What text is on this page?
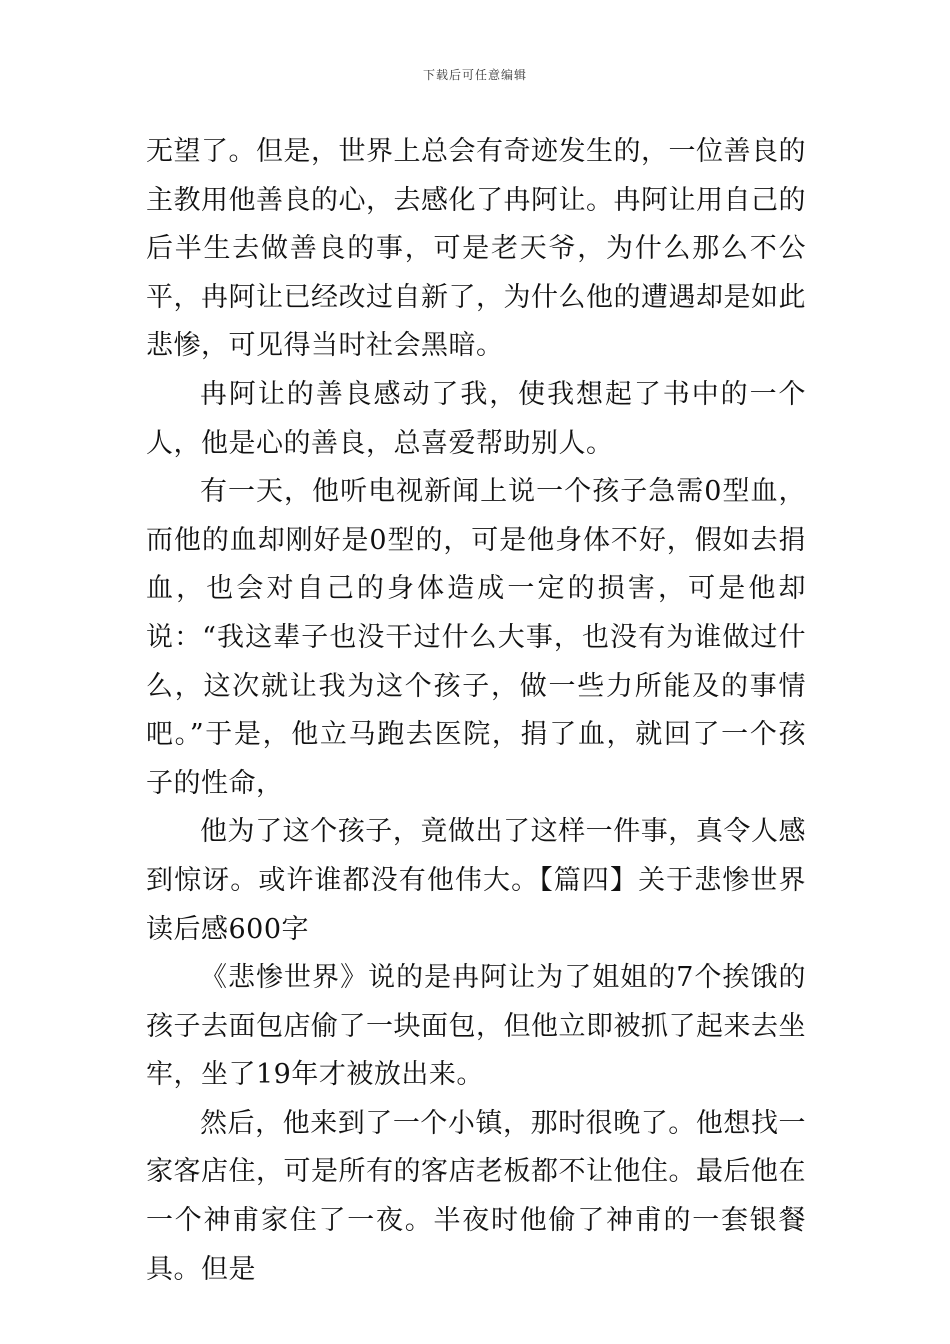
下载后可任意编辑

无望了。但是，世界上总会有奇迹发生的，一位善良的主教用他善良的心，去感化了冉阿让。冉阿让用自己的后半生去做善良的事，可是老天爷，为什么那么不公平，冉阿让已经改过自新了，为什么他的遭遇却是如此悲惨，可见得当时社会黑暗。

冉阿让的善良感动了我，使我想起了书中的一个人，他是心的善良，总喜爱帮助别人。

有一天，他听电视新闻上说一个孩子急需0型血，而他的血却刚好是0型的，可是他身体不好，假如去捐血，也会对自己的身体造成一定的损害，可是他却说：“我这辈子也没干过什么大事，也没有为谁做过什么，这次就让我为这个孩子，做一些力所能及的事情吧。”于是，他立马跑去医院，捐了血，就回了一个孩子的性命，

他为了这个孩子，竟做出了这样一件事，真令人感到惊讶。或许谁都没有他伟大。【篇四】关于悲惨世界读后感600字

《悲惨世界》说的是冉阿让为了姐姐的7个挨饿的孩子去面包店偷了一块面包，但他立即被抓了起来去坐牢，坐了19年才被放出来。

然后，他来到了一个小镇，那时很晚了。他想找一家客店住，可是所有的客店老板都不让他住。最后他在一个神甫家住了一夜。半夜时他偷了神甫的一套银餐具。但是
